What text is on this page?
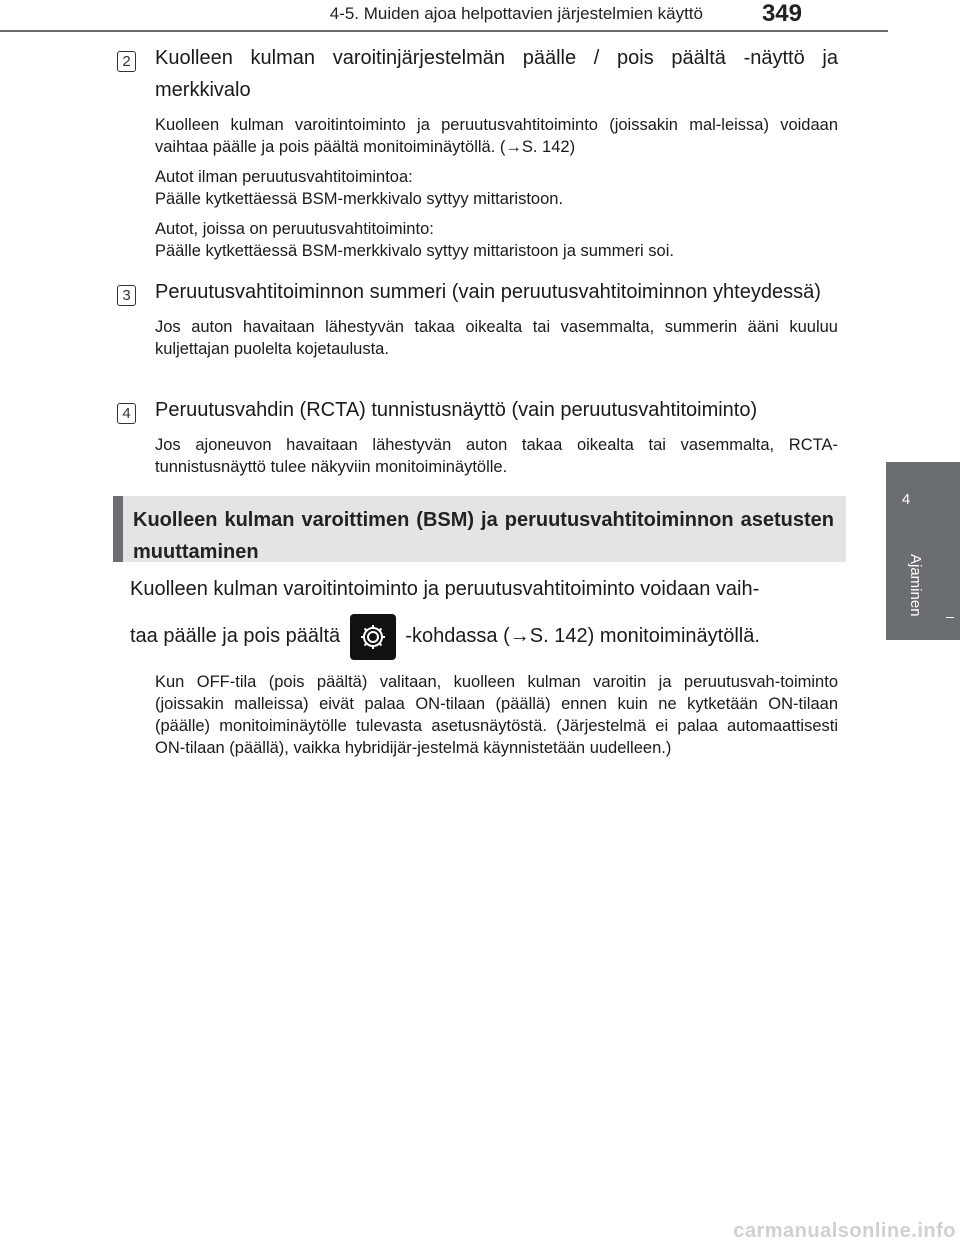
4-5. Muiden ajoa helpottavien järjestelmien käyttö 349
4
Ajaminen
2 Kuolleen kulman varoitinjärjestelmän päälle / pois päältä -näyttö ja merkkivalo
Kuolleen kulman varoitintoiminto ja peruutusvahtitoiminto (joissakin mal-leissa) voidaan vaihtaa päälle ja pois päältä monitoiminäytöllä. (→S. 142)
Autot ilman peruutusvahtitoimintoa:
Päälle kytkettäessä BSM-merkkivalo syttyy mittaristoon.
Autot, joissa on peruutusvahtitoiminto:
Päälle kytkettäessä BSM-merkkivalo syttyy mittaristoon ja summeri soi.
3 Peruutusvahtitoiminnon summeri (vain peruutusvahtitoiminnon yhteydessä)
Jos auton havaitaan lähestyvän takaa oikealta tai vasemmalta, summerin ääni kuuluu kuljettajan puolelta kojetaulusta.
4 Peruutusvahdin (RCTA) tunnistusnäyttö (vain peruutusvahtitoiminto)
Jos ajoneuvon havaitaan lähestyvän auton takaa oikealta tai vasemmalta, RCTA-tunnistusnäyttö tulee näkyviin monitoiminäytölle.
Kuolleen kulman varoittimen (BSM) ja peruutusvahtitoiminnon asetusten muuttaminen
Kuolleen kulman varoitintoiminto ja peruutusvahtitoiminto voidaan vaih-
taa päälle ja pois päältä	-kohdassa (→S. 142) monitoiminäytöllä.
Kun OFF-tila (pois päältä) valitaan, kuolleen kulman varoitin ja peruutusvah-toiminto (joissakin malleissa) eivät palaa ON-tilaan (päällä) ennen kuin ne kytketään ON-tilaan (päälle) monitoiminäytölle tulevasta asetusnäytöstä. (Järjestelmä ei palaa automaattisesti ON-tilaan (päällä), vaikka hybridijär-jestelmä käynnistetään uudelleen.)
carmanualsonline.info
